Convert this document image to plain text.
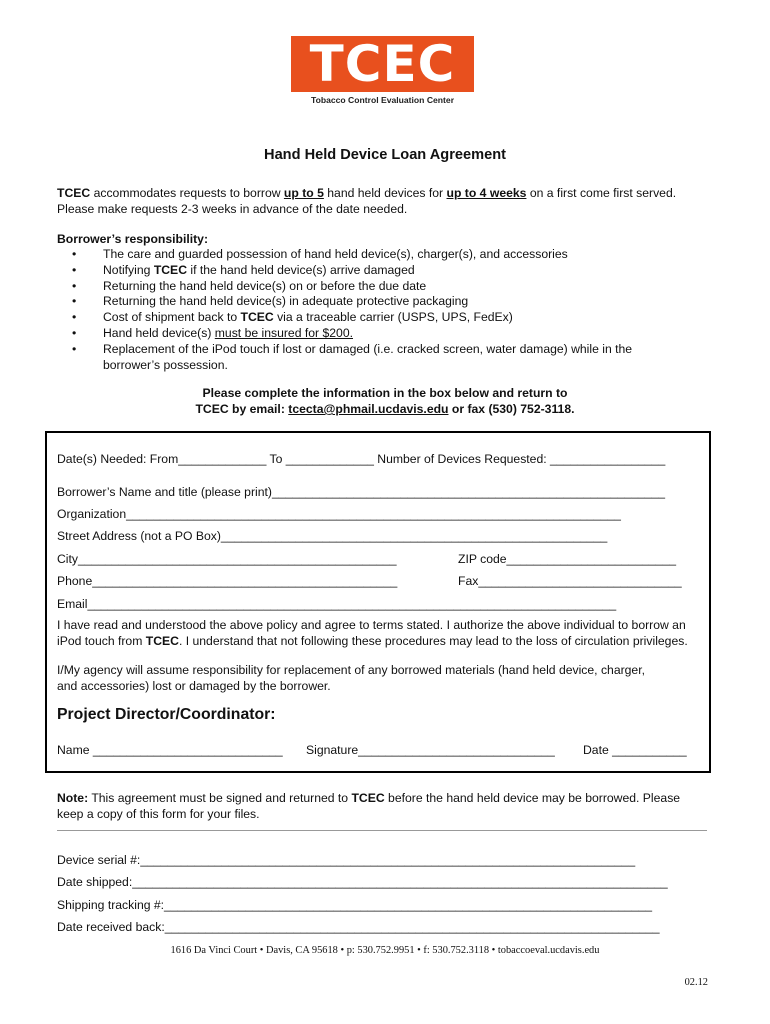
TCEC
Tobacco Control Evaluation Center
Hand Held Device Loan Agreement
TCEC accommodates requests to borrow up to 5 hand held devices for up to 4 weeks on a first come first served.
Please make requests 2-3 weeks in advance of the date needed.
Borrower’s responsibility:
• The care and guarded possession of hand held device(s), charger(s), and accessories
• Notifying TCEC if the hand held device(s) arrive damaged
• Returning the hand held device(s) on or before the due date
• Returning the hand held device(s) in adequate protective packaging
• Cost of shipment back to TCEC via a traceable carrier (USPS, UPS, FedEx)
• Hand held device(s) must be insured for $200.
• Replacement of the iPod touch if lost or damaged (i.e. cracked screen, water damage) while in the
borrower’s possession.
Please complete the information in the box below and return to
TCEC by email: tcecta@phmail.ucdavis.edu or fax (530) 752-3118.
Date(s) Needed: From_____________ To _____________ Number of Devices Requested: _________________
Borrower’s Name and title (please print)__________________________________________________________
Organization_________________________________________________________________________
Street Address (not a PO Box)_________________________________________________________
City_______________________________________________	ZIP code_________________________
Phone_____________________________________________	Fax______________________________
Email______________________________________________________________________________
I have read and understood the above policy and agree to terms stated. I authorize the above individual to borrow an
iPod touch from TCEC. I understand that not following these procedures may lead to the loss of circulation privileges.
I/My agency will assume responsibility for replacement of any borrowed materials (hand held device, charger,
and accessories) lost or damaged by the borrower.
Project Director/Coordinator:
Name ____________________________ Signature_____________________________ Date ___________
Note: This agreement must be signed and returned to TCEC before the hand held device may be borrowed. Please
keep a copy of this form for your files.
Device serial #:_________________________________________________________________________
Date shipped:_______________________________________________________________________________
Shipping tracking #:________________________________________________________________________
Date received back:_________________________________________________________________________
1616 Da Vinci Court • Davis, CA 95618 • p: 530.752.9951 • f: 530.752.3118 • tobaccoeval.ucdavis.edu
02.12
